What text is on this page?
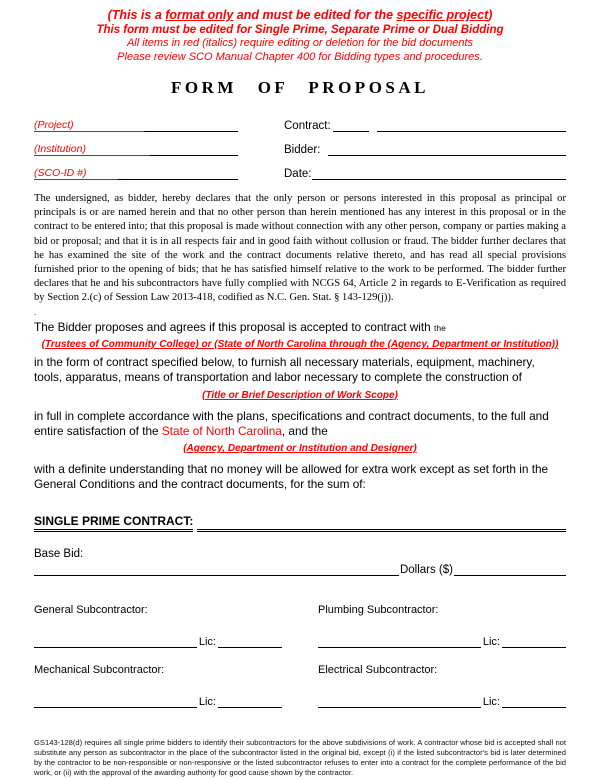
(This is a format only and must be edited for the specific project)
This form must be edited for Single Prime, Separate Prime or Dual Bidding
All items in red (italics) require editing or deletion for the bid documents
Please review SCO Manual Chapter 400 for Bidding types and procedures.
FORM OF PROPOSAL
(Project)
(Institution)
(SCO-ID #)
Contract:
Bidder:
Date:
The undersigned, as bidder, hereby declares that the only person or persons interested in this proposal as principal or principals is or are named herein and that no other person than herein mentioned has any interest in this proposal or in the contract to be entered into; that this proposal is made without connection with any other person, company or parties making a bid or proposal; and that it is in all respects fair and in good faith without collusion or fraud. The bidder further declares that he has examined the site of the work and the contract documents relative thereto, and has read all special provisions furnished prior to the opening of bids; that he has satisfied himself relative to the work to be performed. The bidder further declares that he and his subcontractors have fully complied with NCGS 64, Article 2 in regards to E-Verification as required by Section 2.(c) of Session Law 2013-418, codified as N.C. Gen. Stat. § 143-129(j)).
.
The Bidder proposes and agrees if this proposal is accepted to contract with the
(Trustees of Community College) or (State of North Carolina through the (Agency, Department or Institution))
in the form of contract specified below, to furnish all necessary materials, equipment, machinery, tools, apparatus, means of transportation and labor necessary to complete the construction of
(Title or Brief Description of Work Scope)
in full in complete accordance with the plans, specifications and contract documents, to the full and entire satisfaction of the State of North Carolina, and the
(Agency, Department or Institution and Designer)
with a definite understanding that no money will be allowed for extra work except as set forth in the General Conditions and the contract documents, for the sum of:
SINGLE PRIME CONTRACT:
Base Bid:
Dollars ($)
General Subcontractor:
Lic:
Plumbing Subcontractor:
Lic:
Mechanical Subcontractor:
Lic:
Electrical Subcontractor:
Lic:
GS143-128(d) requires all single prime bidders to identify their subcontractors for the above subdivisions of work. A contractor whose bid is accepted shall not substitute any person as subcontractor in the place of the subcontractor listed in the original bid, except (i) if the listed subcontractor's bid is later determined by the contractor to be non-responsible or non-responsive or the listed subcontractor refuses to enter into a contract for the complete performance of the bid work, or (ii) with the approval of the awarding authority for good cause shown by the contractor.
